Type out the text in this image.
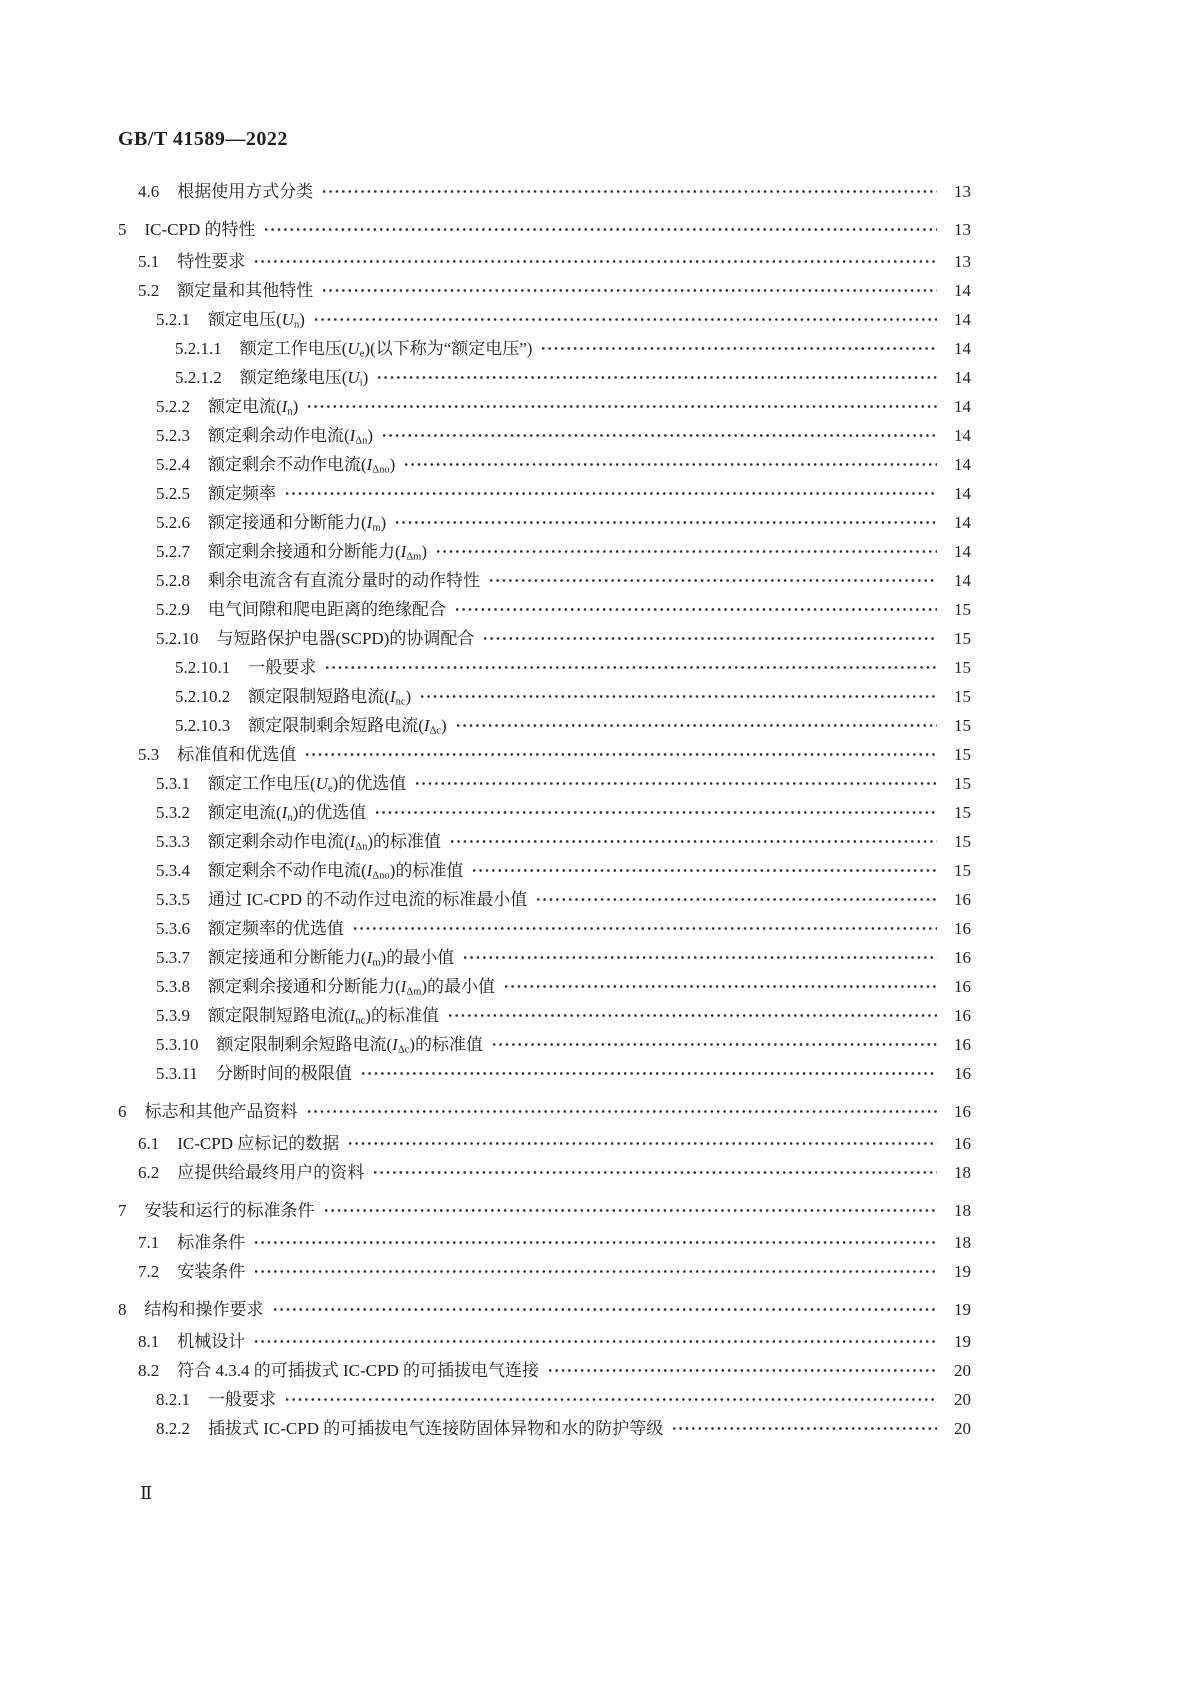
GB/T 41589—2022
4.6 根据使用方式分类	13
5 IC-CPD 的特性	13
5.1 特性要求	13
5.2 额定量和其他特性	14
5.2.1 额定电压$(U_n)$	14
5.2.1.1 额定工作电压$(U_e)$(以下称为“额定电压”)	14
5.2.1.2 额定绝缘电压$(U_i)$	14
5.2.2 额定电流$(I_n)$	14
5.2.3 额定剩余动作电流$(I_{\Delta n})$	14
5.2.4 额定剩余不动作电流$(I_{\Delta no})$	14
5.2.5 额定频率	14
5.2.6 额定接通和分断能力$(I_m)$	14
5.2.7 额定剩余接通和分断能力$(I_{\Delta m})$	14
5.2.8 剩余电流含有直流分量时的动作特性	14
5.2.9 电气间隙和爬电距离的绝缘配合	15
5.2.10 与短路保护电器(SCPD)的协调配合	15
5.2.10.1 一般要求	15
5.2.10.2 额定限制短路电流$(I_{nc})$	15
5.2.10.3 额定限制剩余短路电流$(I_{\Delta c})$	15
5.3 标准值和优选值	15
5.3.1 额定工作电压$(U_e)$的优选值	15
5.3.2 额定电流$(I_n)$的优选值	15
5.3.3 额定剩余动作电流$(I_{\Delta n})$的标准值	15
5.3.4 额定剩余不动作电流$(I_{\Delta no})$的标准值	15
5.3.5 通过 IC-CPD 的不动作过电流的标准最小值	16
5.3.6 额定频率的优选值	16
5.3.7 额定接通和分断能力$(I_m)$的最小值	16
5.3.8 额定剩余接通和分断能力$(I_{\Delta m})$的最小值	16
5.3.9 额定限制短路电流$(I_{nc})$的标准值	16
5.3.10 额定限制剩余短路电流$(I_{\Delta c})$的标准值	16
5.3.11 分断时间的极限值	16
6 标志和其他产品资料	16
6.1 IC-CPD 应标记的数据	16
6.2 应提供给最终用户的资料	18
7 安装和运行的标准条件	18
7.1 标准条件	18
7.2 安装条件	19
8 结构和操作要求	19
8.1 机械设计	19
8.2 符合 4.3.4 的可插拔式 IC-CPD 的可插拔电气连接	20
8.2.1 一般要求	20
8.2.2 插拔式 IC-CPD 的可插拔电气连接防固体异物和水的防护等级	20
Ⅱ
